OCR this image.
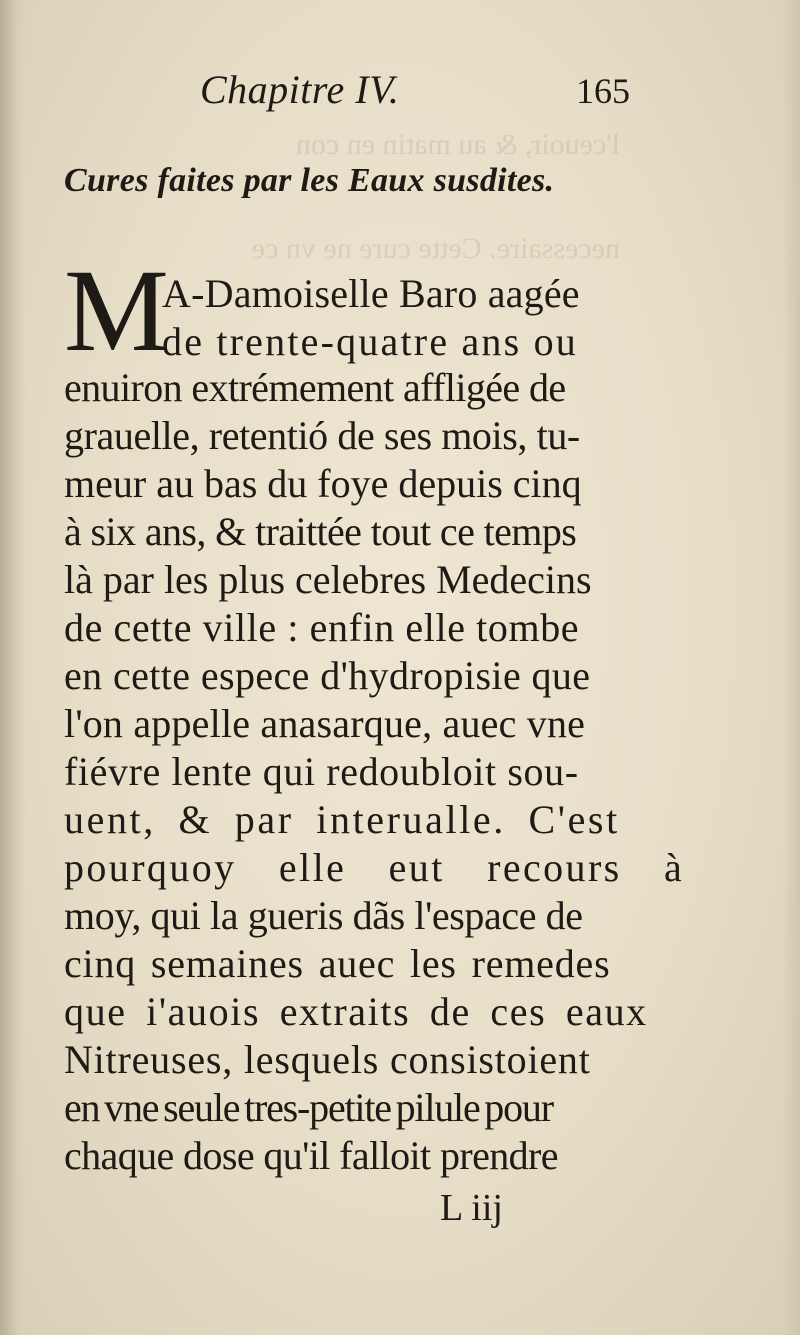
l'ceuoir, & au matin en con
necessaire. Cette cure ne vn ce
Chapitre IV.	165
Cures faites par les Eaux susdites.
M
A-Damoiselle Baro aagée
de trente-quatre ans ou
enuiron extrémement affligée de
grauelle, retentió de ses mois, tu-
meur au bas du foye depuis cinq
à six ans, & traittée tout ce temps
là par les plus celebres Medecins
de cette ville : enfin elle tombe
en cette espece d'hydropisie que
l'on appelle anasarque, auec vne
fiévre lente qui redoubloit sou-
uent, & par interualle. C'est
pourquoy elle eut recours à
moy, qui la gueris dãs l'espace de
cinq semaines auec les remedes
que i'auois extraits de ces eaux
Nitreuses, lesquels consistoient
en vne seule tres-petite pilule pour
chaque dose qu'il falloit prendre
L iij
